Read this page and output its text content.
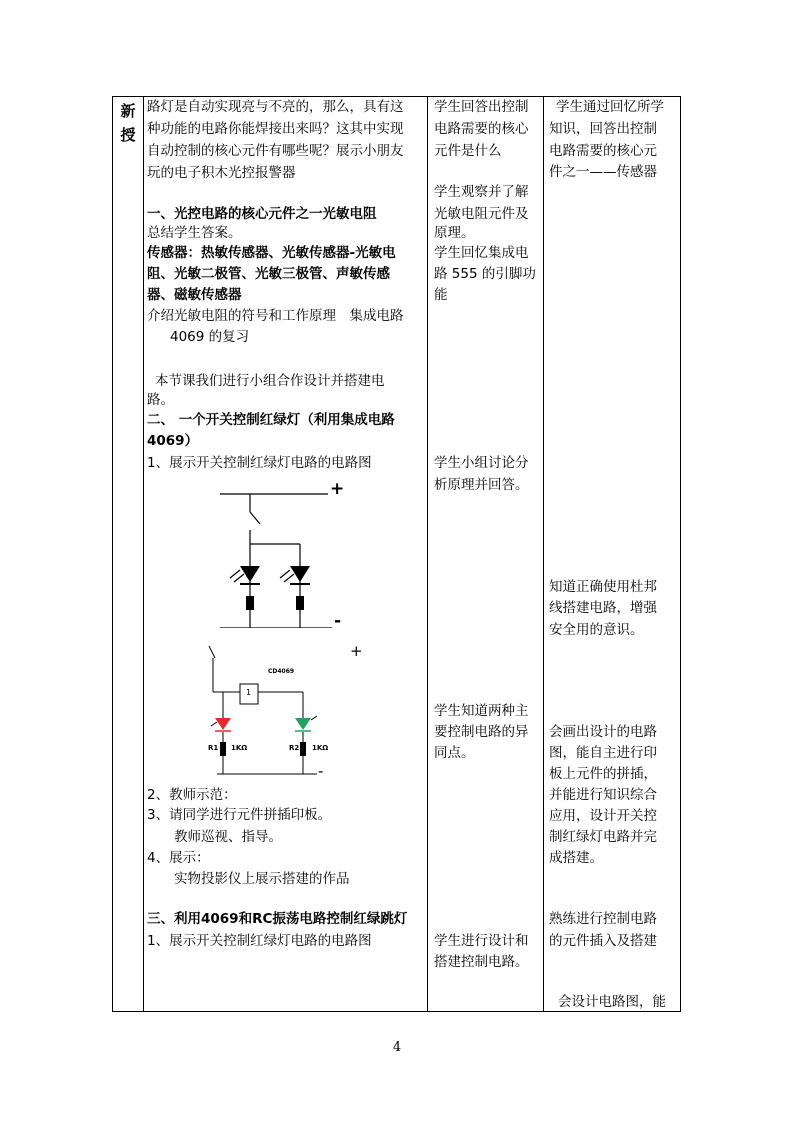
新
授
路灯是自动实现亮与不亮的，那么，具有这
种功能的电路你能焊接出来吗？这其中实现
自动控制的核心元件有哪些呢？展示小朋友
玩的电子积木光控报警器
一、光控电路的核心元件之一光敏电阻
总结学生答案。
传感器：热敏传感器、光敏传感器-光敏电
阻、光敏二极管、光敏三极管、声敏传感
器、磁敏传感器
介绍光敏电阻的符号和工作原理　集成电路
4069 的复习
本节课我们进行小组合作设计并搭建电
路。
二、 一个开关控制红绿灯（利用集成电路
4069）
1、展示开关控制红绿灯电路的电路图
+
-
CD4069
1
R1 1KΩ	R2 1KΩ
+
-
2、教师示范：
3、请同学进行元件拼插印板。
教师巡视、指导。
4、展示：
实物投影仪上展示搭建的作品
三、利用4069和RC振荡电路控制红绿跳灯
1、展示开关控制红绿灯电路的电路图
学生回答出控制
电路需要的核心
元件是什么
学生观察并了解
光敏电阻元件及
原理。
学生回忆集成电
路 555 的引脚功
能
学生小组讨论分
析原理并回答。
学生知道两种主
要控制电路的异
同点。
学生进行设计和
搭建控制电路。
学生通过回忆所学
知识，回答出控制
电路需要的核心元
件之一——传感器
知道正确使用杜邦
线搭建电路，增强
安全用的意识。
会画出设计的电路
图，能自主进行印
板上元件的拼插，
并能进行知识综合
应用，设计开关控
制红绿灯电路并完
成搭建。
熟练进行控制电路
的元件插入及搭建
会设计电路图，能
4
